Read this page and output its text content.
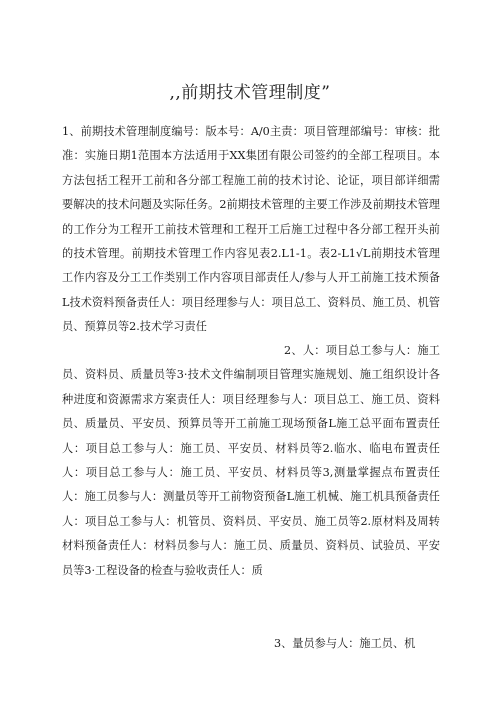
,,前期技术管理制度”

1、前期技术管理制度编号：版本号：A/0主责：项目管理部编号：审核：批准：实施日期1范围本方法适用于XX集团有限公司签约的全部工程项目。本方法包括工程开工前和各分部工程施工前的技术讨论、论证，项目部详细需要解决的技术问题及实际任务。2前期技术管理的主要工作涉及前期技术管理的工作分为工程开工前技术管理和工程开工后施工过程中各分部工程开头前的技术管理。前期技术管理工作内容见表2.L1-1。表2-L1√L前期技术管理工作内容及分工工作类别工作内容项目部责任人/参与人开工前施工技术预备L技术资料预备责任人：项目经理参与人：项目总工、资料员、施工员、机管员、预算员等2.技术学习责任

2、人：项目总工参与人：施工员、资料员、质量员等3·技术文件编制项目管理实施规划、施工组织设计各种进度和资源需求方案责任人：项目经理参与人：项目总工、施工员、资料员、质量员、平安员、预算员等开工前施工现场预备L施工总平面布置责任人：项目总工参与人：施工员、平安员、材料员等2.临水、临电布置责任人：项目总工参与人：施工员、平安员、材料员等3,测量掌握点布置责任人：施工员参与人：测量员等开工前物资预备L施工机械、施工机具预备责任人：项目总工参与人：机管员、资料员、平安员、施工员等2.原材料及周转材料预备责任人：材料员参与人：施工员、质量员、资料员、试验员、平安员等3·工程设备的检查与验收责任人：质

3、量员参与人：施工员、机
